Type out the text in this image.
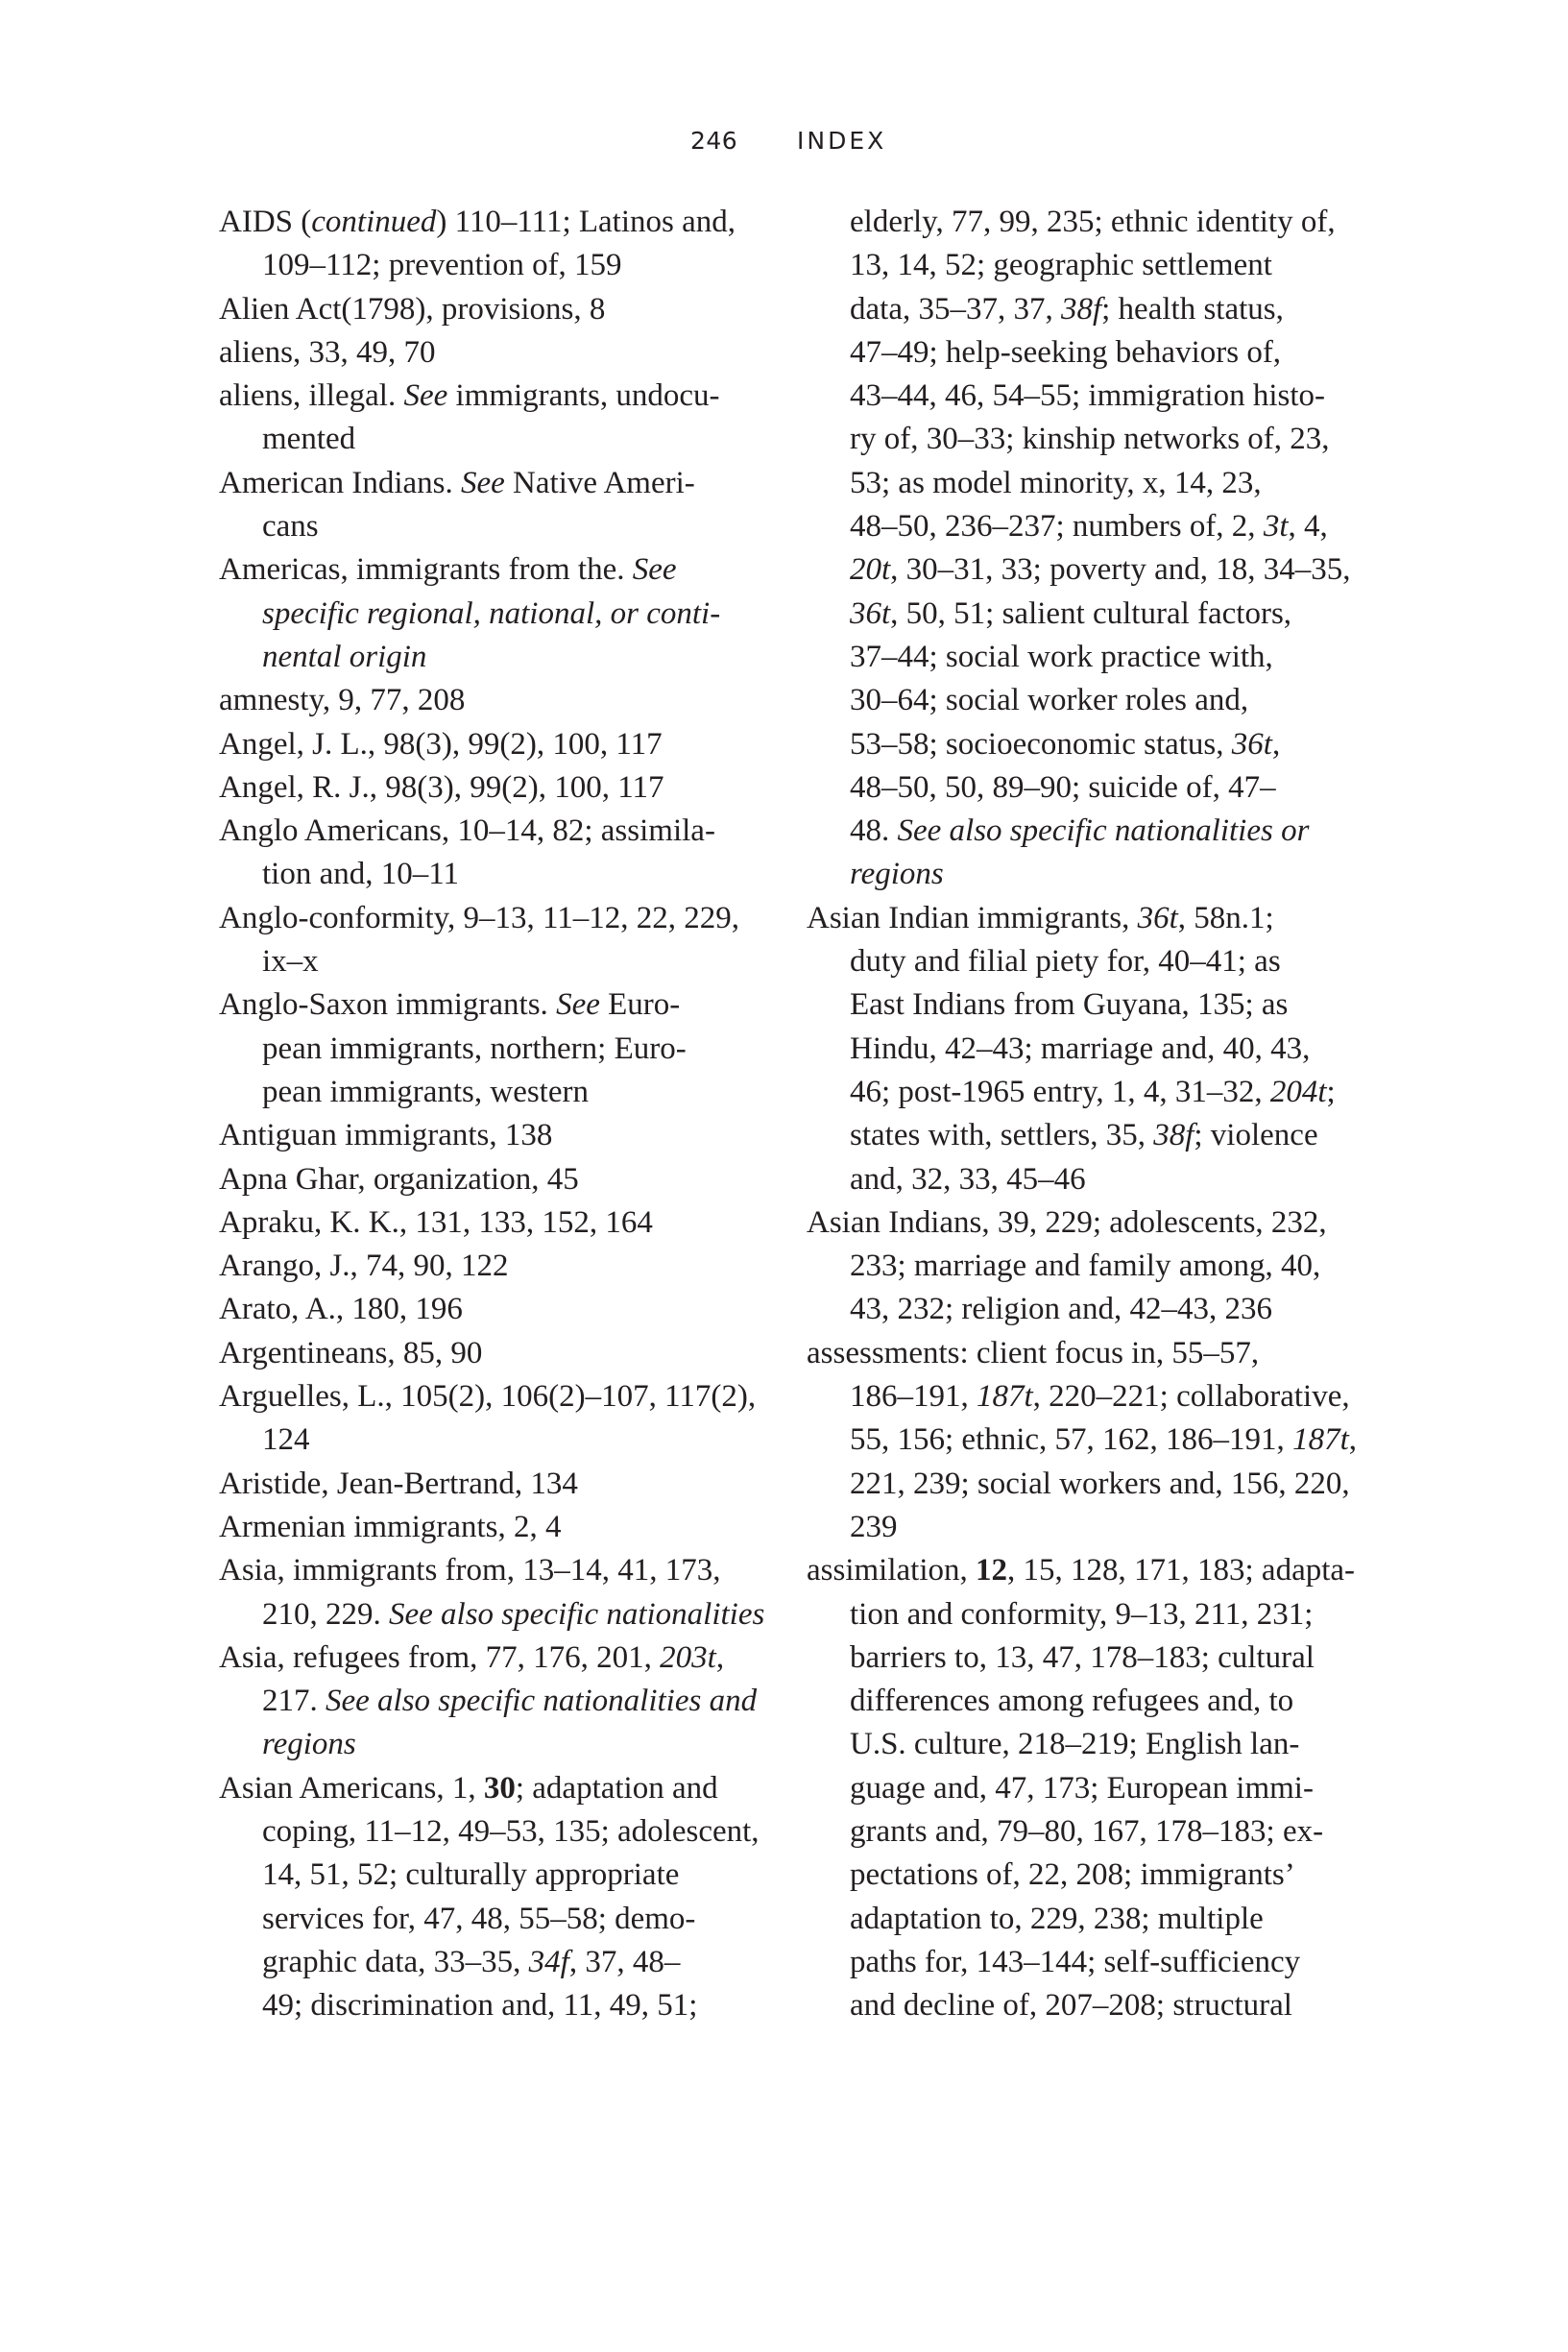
246 INDEX
AIDS (continued) 110–111; Latinos and,
109–112; prevention of, 159
Alien Act(1798), provisions, 8
aliens, 33, 49, 70
aliens, illegal. See immigrants, undocu-
mented
American Indians. See Native Ameri-
cans
Americas, immigrants from the. See
specific regional, national, or conti-
nental origin
amnesty, 9, 77, 208
Angel, J. L., 98(3), 99(2), 100, 117
Angel, R. J., 98(3), 99(2), 100, 117
Anglo Americans, 10–14, 82; assimila-
tion and, 10–11
Anglo-conformity, 9–13, 11–12, 22, 229,
ix–x
Anglo-Saxon immigrants. See Euro-
pean immigrants, northern; Euro-
pean immigrants, western
Antiguan immigrants, 138
Apna Ghar, organization, 45
Apraku, K. K., 131, 133, 152, 164
Arango, J., 74, 90, 122
Arato, A., 180, 196
Argentineans, 85, 90
Arguelles, L., 105(2), 106(2)–107, 117(2),
124
Aristide, Jean-Bertrand, 134
Armenian immigrants, 2, 4
Asia, immigrants from, 13–14, 41, 173,
210, 229. See also specific nationalities
Asia, refugees from, 77, 176, 201, 203t,
217. See also specific nationalities and
regions
Asian Americans, 1, 30; adaptation and
coping, 11–12, 49–53, 135; adolescent,
14, 51, 52; culturally appropriate
services for, 47, 48, 55–58; demo-
graphic data, 33–35, 34f, 37, 48–
49; discrimination and, 11, 49, 51;
elderly, 77, 99, 235; ethnic identity of,
13, 14, 52; geographic settlement
data, 35–37, 37, 38f; health status,
47–49; help-seeking behaviors of,
43–44, 46, 54–55; immigration histo-
ry of, 30–33; kinship networks of, 23,
53; as model minority, x, 14, 23,
48–50, 236–237; numbers of, 2, 3t, 4,
20t, 30–31, 33; poverty and, 18, 34–35,
36t, 50, 51; salient cultural factors,
37–44; social work practice with,
30–64; social worker roles and,
53–58; socioeconomic status, 36t,
48–50, 50, 89–90; suicide of, 47–
48. See also specific nationalities or
regions
Asian Indian immigrants, 36t, 58n.1;
duty and filial piety for, 40–41; as
East Indians from Guyana, 135; as
Hindu, 42–43; marriage and, 40, 43,
46; post-1965 entry, 1, 4, 31–32, 204t;
states with, settlers, 35, 38f; violence
and, 32, 33, 45–46
Asian Indians, 39, 229; adolescents, 232,
233; marriage and family among, 40,
43, 232; religion and, 42–43, 236
assessments: client focus in, 55–57,
186–191, 187t, 220–221; collaborative,
55, 156; ethnic, 57, 162, 186–191, 187t,
221, 239; social workers and, 156, 220,
239
assimilation, 12, 15, 128, 171, 183; adapta-
tion and conformity, 9–13, 211, 231;
barriers to, 13, 47, 178–183; cultural
differences among refugees and, to
U.S. culture, 218–219; English lan-
guage and, 47, 173; European immi-
grants and, 79–80, 167, 178–183; ex-
pectations of, 22, 208; immigrants’
adaptation to, 229, 238; multiple
paths for, 143–144; self-sufficiency
and decline of, 207–208; structural
